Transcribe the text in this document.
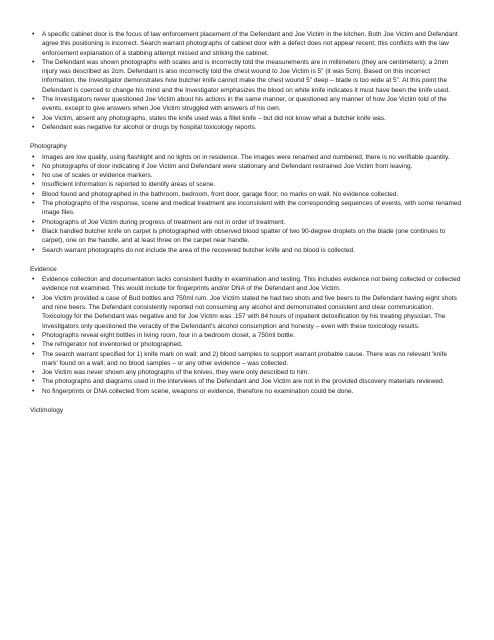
•	A specific cabinet door is the focus of law enforcement placement of the Defendant and Joe Victim in the kitchen. Both Joe Victim and Defendant agree this positioning is incorrect. Search warrant photographs of cabinet door with a defect does not appear recent; this conflicts with the law enforcement explanation of a stabbing attempt missed and striking the cabinet.
•	The Defendant was shown photographs with scales and is incorrectly told the measurements are in millimeters (they are centimeters); a 2mm injury was described as 2cm. Defendant is also incorrectly told the chest wound to Joe Victim is 5" (it was 5cm). Based on this incorrect information, the Investigator demonstrates how butcher knife cannot make the chest wound 5" deep – blade is too wide at 5". At this point the Defendant is coerced to change his mind and the Investigator emphasizes the blood on white knife indicates it must have been the knife used.
•	The Investigators never questioned Joe Victim about his actions in the same manner, or questioned any manner of how Joe Victim told of the events, except to give answers when Joe Victim struggled with answers of his own.
•	Joe Victim, absent any photographs, states the knife used was a fillet knife – but did not know what a butcher knife was.
•	Defendant was negative for alcohol or drugs by hospital toxicology reports.
Photography
•	Images are low quality, using flashlight and no lights on in residence. The images were renamed and numbered, there is no verifiable quantity.
•	No photographs of door indicating if Joe Victim and Defendant were stationary and Defendant restrained Joe Victim from leaving.
•	No use of scales or evidence markers.
•	Insufficient information is reported to identify areas of scene.
•	Blood found and photographed in the bathroom, bedroom, front door, garage floor; no marks on wall. No evidence collected.
•	The photographs of the response, scene and medical treatment are inconsistent with the corresponding sequences of events, with some renamed image files.
•	Photographs of Joe Victim during progress of treatment are not in order of treatment.
•	Black handled butcher knife on carpet is photographed with observed blood spatter of two 90-degree droplets on the blade (one continues to carpet), one on the handle, and at least three on the carpet near handle.
•	Search warrant photographs do not include the area of the recovered butcher knife and no blood is collected.
Evidence
•	Evidence collection and documentation lacks consistent fluidity in examination and testing. This includes evidence not being collected or collected evidence not examined. This would include for fingerprints and/or DNA of the Defendant and Joe Victim.
•	Joe Victim provided a case of Bud bottles and 750ml rum. Joe Victim stated he had two shots and five beers to the Defendant having eight shots and nine beers. The Defendant consistently reported not consuming any alcohol and demonstrated consistent and clear communication. Toxicology for the Defendant was negative and for Joe Victim was .157 with 84 hours of inpatient detoxification by his treating physician. The Investigators only questioned the veracity of the Defendant's alcohol consumption and honesty – even with these toxicology results.
•	Photographs reveal eight bottles in living room, four in a bedroom closet, a 750ml bottle.
•	The refrigerator not inventoried or photographed.
•	The search warrant specified for 1) knife mark on wall; and 2) blood samples to support warrant probable cause. There was no relevant 'knife mark' found on a wall; and no blood samples – or any other evidence – was collected.
•	Joe Victim was never shown any photographs of the knives, they were only described to him.
•	The photographs and diagrams used in the interviews of the Defendant and Joe Victim are not in the provided discovery materials reviewed.
•	No fingerprints or DNA collected from scene, weapons or evidence, therefore no examination could be done.
Victimology
